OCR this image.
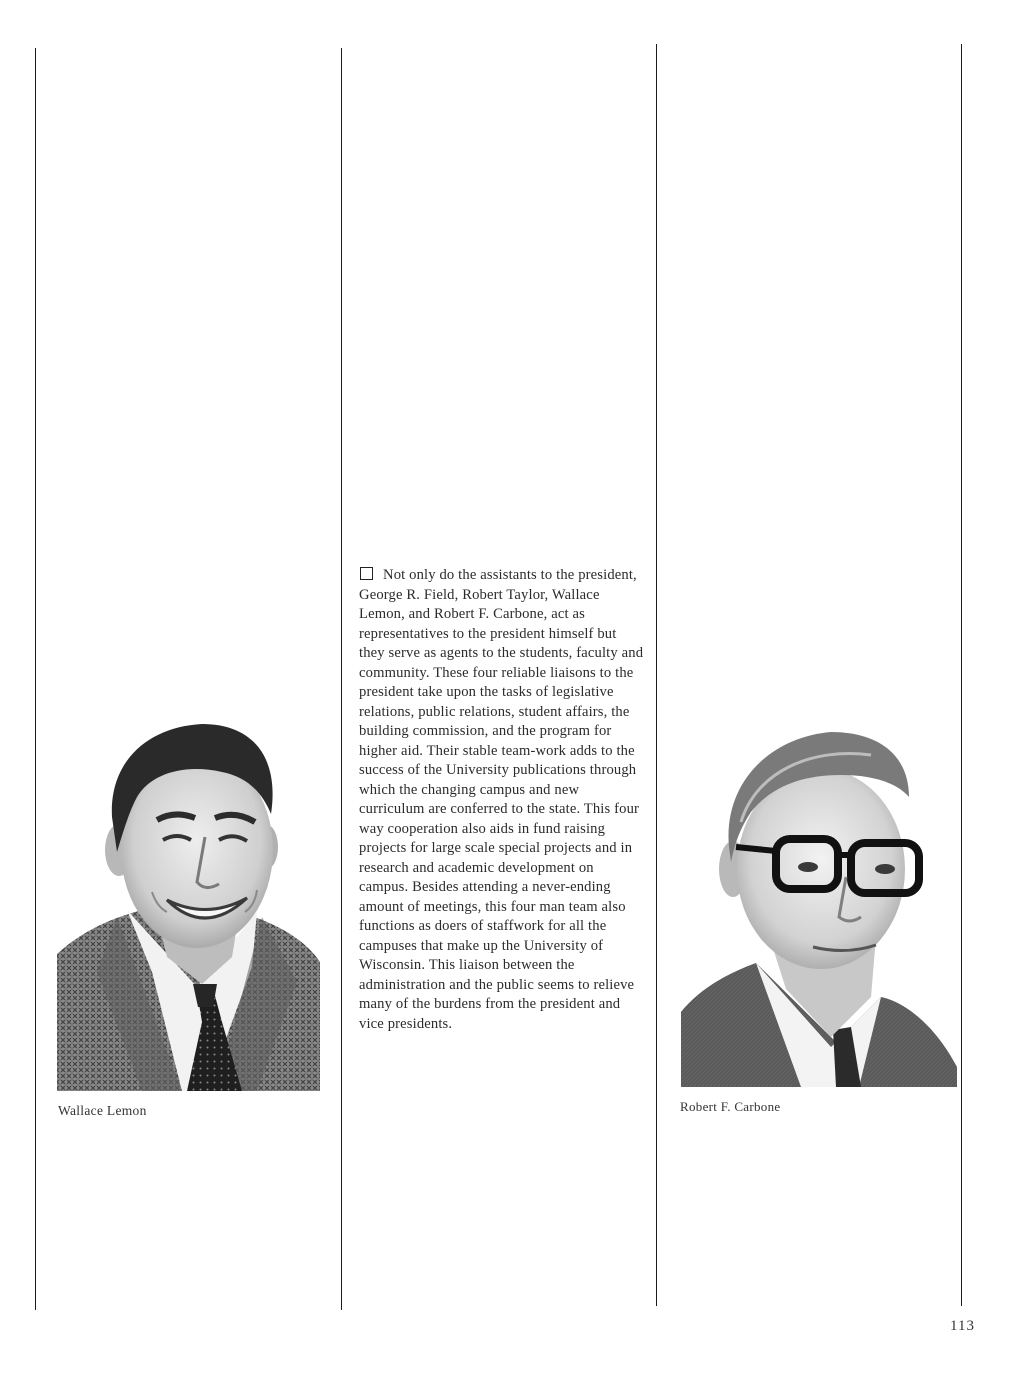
Wallace Lemon

Not only do the assistants to the president, George R. Field, Robert Taylor, Wallace Lemon, and Robert F. Carbone, act as representatives to the president himself but they serve as agents to the students, faculty and community. These four reliable liaisons to the president take upon the tasks of legislative relations, public relations, student affairs, the building commission, and the program for higher aid. Their stable team-work adds to the success of the University publications through which the changing campus and new curriculum are conferred to the state. This four way cooperation also aids in fund raising projects for large scale special projects and in research and academic development on campus. Besides attending a never-ending amount of meetings, this four man team also functions as doers of staffwork for all the campuses that make up the University of Wisconsin. This liaison between the administration and the public seems to relieve many of the burdens from the president and vice presidents.

Robert F. Carbone
113
